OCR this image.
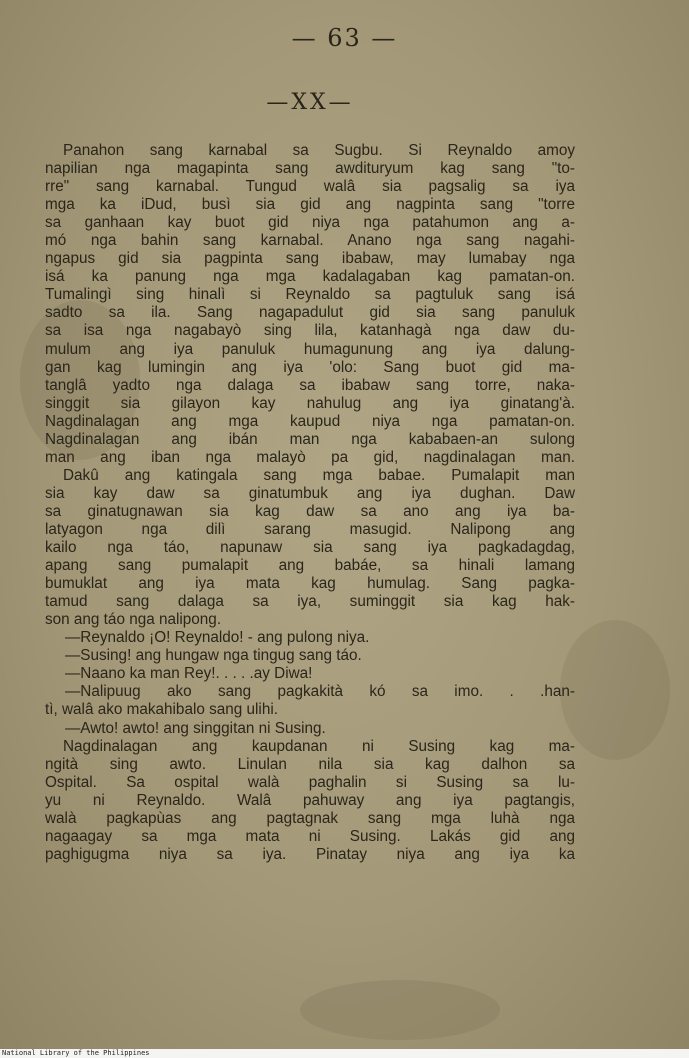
— 63 —
—XX—
Panahon sang karnabal sa Sugbu. Si Reynaldo amoy
napilian nga magapinta sang awdituryum kag sang "to-
rre" sang karnabal. Tungud walâ sia pagsalig sa iya
mga ka iDud, busì sia gid ang nagpinta sang "torre
sa ganhaan kay buot gid niya nga patahumon ang a-
mó nga bahin sang karnabal. Anano nga sang nagahi-
ngapus gid sia pagpinta sang ibabaw, may lumabay nga
isá ka panung nga mga kadalagaban kag pamatan-on.
Tumalingì sing hinalì si Reynaldo sa pagtuluk sang isá
sadto sa ila. Sang nagapadulut gid sia sang panuluk
sa isa nga nagabayò sing lila, katanhagà nga daw du-
mulum ang iya panuluk humagunung ang iya dalung-
gan kag lumingin ang iya 'olo: Sang buot gid ma-
tanglâ yadto nga dalaga sa ibabaw sang torre, naka-
singgit sia gilayon kay nahulug ang iya ginatang'à.
Nagdinalagan ang mga kaupud niya nga pamatan-on.
Nagdinalagan ang ibán man nga kababaen-an sulong
man ang iban nga malayò pa gid, nagdinalagan man.
Dakû ang katingala sang mga babae. Pumalapit man
sia kay daw sa ginatumbuk ang iya dughan. Daw
sa ginatugnawan sia kag daw sa ano ang iya ba-
latyagon nga dilì sarang masugid. Nalipong ang
kailo nga táo, napunaw sia sang iya pagkadagdag,
apang sang pumalapit ang babáe, sa hinali lamang
bumuklat ang iya mata kag humulag. Sang pagka-
tamud sang dalaga sa iya, suminggit sia kag hak-
son ang táo nga nalipong.
—Reynaldo ¡O! Reynaldo! - ang pulong niya.
—Susing! ang hungaw nga tingug sang táo.
—Naano ka man Rey!. . . . .ay Diwa!
—Nalipuug ako sang pagkakità kó sa imo. . .han-
tì, walâ ako makahibalo sang ulihi.
—Awto! awto! ang singgitan ni Susing.
Nagdinalagan ang kaupdanan ni Susing kag ma-
ngità sing awto. Linulan nila sia kag dalhon sa
Ospital. Sa ospital walà paghalin si Susing sa lu-
yu ni Reynaldo. Walâ pahuway ang iya pagtangis,
walà pagkapùas ang pagtagnak sang mga luhà nga
nagaagay sa mga mata ni Susing. Lakás gid ang
paghigugma niya sa iya. Pinatay niya ang iya ka
National Library of the Philippines
